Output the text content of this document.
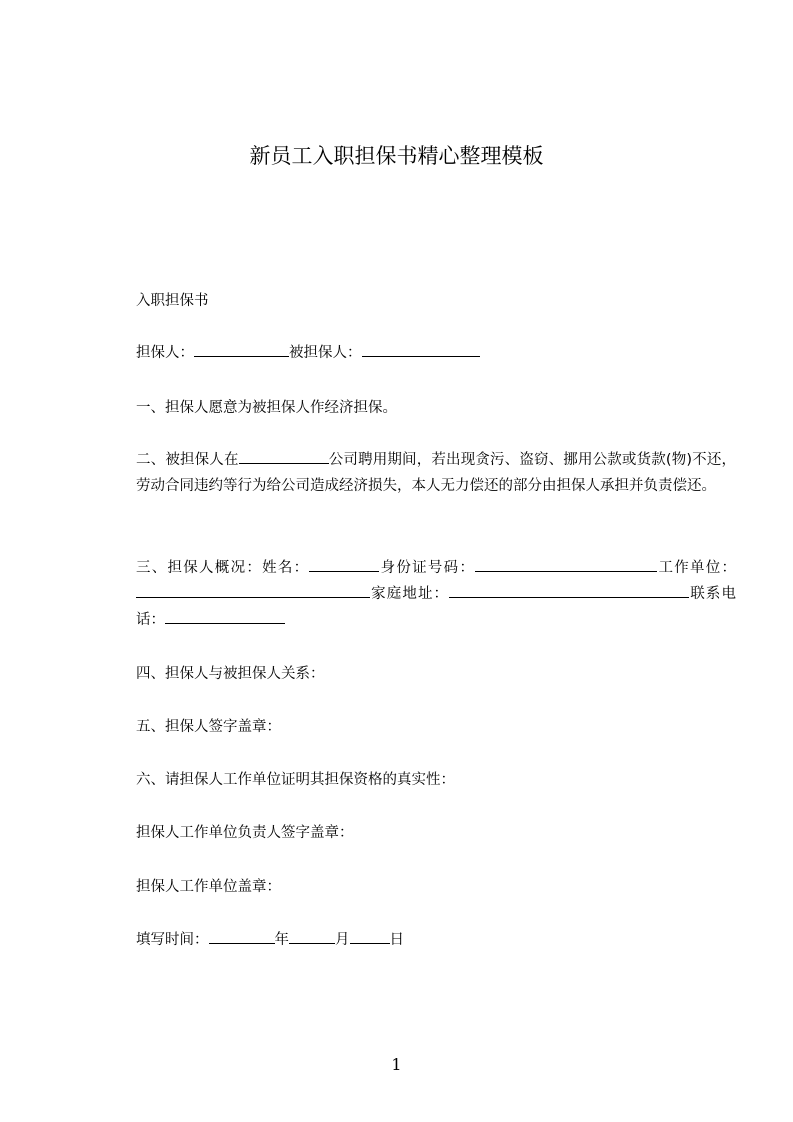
新员工入职担保书精心整理模板
入职担保书
担保人：	被担保人：
一、担保人愿意为被担保人作经济担保。
二、被担保人在	公司聘用期间，若出现贪污、盗窃、挪用公款或货款(物)不还，劳动合同违约等行为给公司造成经济损失，本人无力偿还的部分由担保人承担并负责偿还。
三、担保人概况：姓名：	身份证号码：	工作单位：家庭地址：	联系电话：
四、担保人与被担保人关系：
五、担保人签字盖章：
六、请担保人工作单位证明其担保资格的真实性：
担保人工作单位负责人签字盖章：
担保人工作单位盖章：
填写时间：	年	月	日
1
